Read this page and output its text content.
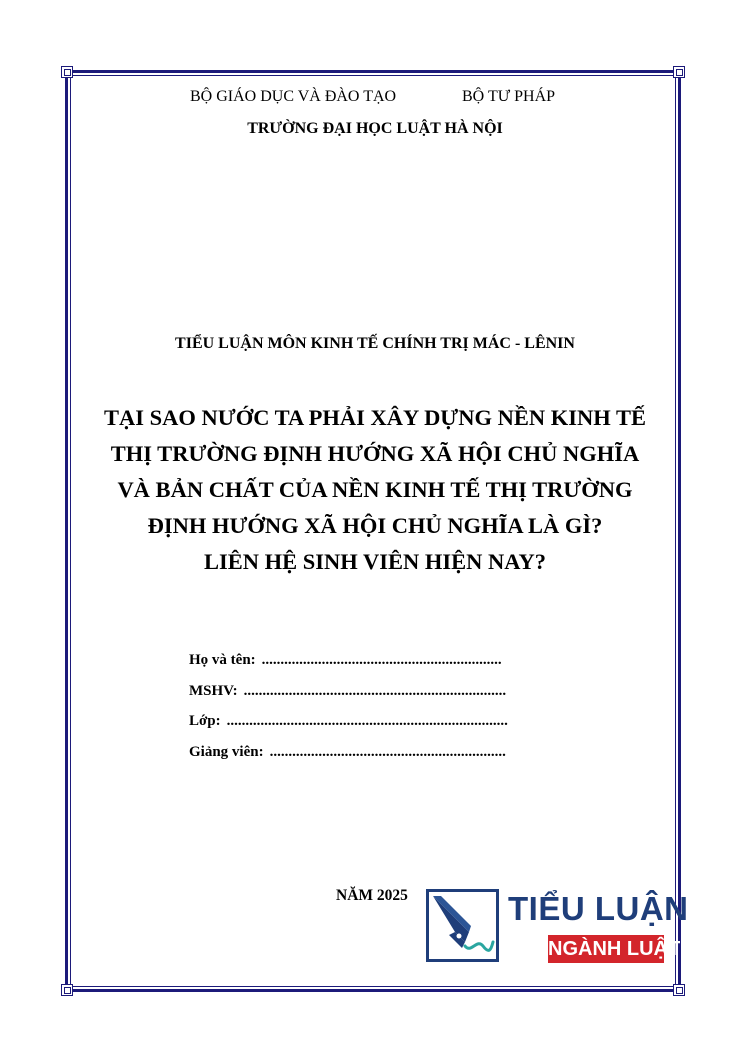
BỘ GIÁO DỤC VÀ ĐÀO TẠO	BỘ TƯ PHÁP
TRƯỜNG ĐẠI HỌC LUẬT HÀ NỘI
TIỂU LUẬN MÔN KINH TẾ CHÍNH TRỊ MÁC - LÊNIN
TẠI SAO NƯỚC TA PHẢI XÂY DỰNG NỀN KINH TẾ
THỊ TRƯỜNG ĐỊNH HƯỚNG XÃ HỘI CHỦ NGHĨA
VÀ BẢN CHẤT CỦA NỀN KINH TẾ THỊ TRƯỜNG
ĐỊNH HƯỚNG XÃ HỘI CHỦ NGHĨA LÀ GÌ?
LIÊN HỆ SINH VIÊN HIỆN NAY?
Họ và tên: ................................................................
MSHV: ......................................................................
Lớp: ...........................................................................
Giảng viên: ...............................................................
NĂM 2025	TIỂU LUẬN
NGÀNH LUẬT
